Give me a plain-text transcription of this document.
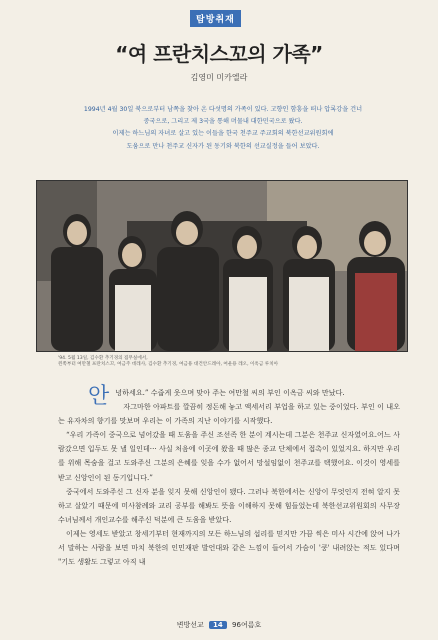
탐방취재
“여 프란치스꼬의 가족”
김영미 미카엘라

1994년 4월 30일 북으로부터 남쪽을 찾아 온 다섯명의 가족이 있다. 고향인 함흥을 떠나 압록강을 건너

중국으로, 그리고 제 3국을 통해 머물내 대한민국으로 왔다.

이제는 하느님의 자녀로 살고 있는 이들을 한국 천주교 주교회의 북한선교위원회에

도움으로 만나 천주교 신자가 된 동기와 북한의 선교실정을 들어 보았다.

'94. 5월 13일, 김수환 추기경의 집무실에서,
왼쪽부터 여만철 프란치스꼬, 여금주 데레사, 김수환 추기경, 여금용 대건안드레아, 여운용 레오, 이옥금 루치아

안녕하세요.” 수줍게 웃으며 맞아 주는 여만철 씨의 부인 이옥금 씨와 만났다.

자그마한 아파트를 깔끔히 정돈해 놓고 액세서리 부업을 하고 있는 중이었다. 부인 이 내오는 유자차의 향기를 맛보며 우리는 이 가족의 지난 이야기를 시작했다.

“우리 가족이 중국으로 넘어갔을 때 도움을 주신 조선족 한 분이 계시는데 그분은 천주교 신자였어요.어느 사람갔으면 입두도 못 낼 일인데··· 사실 처음에 이곳에 왔을 때 많은 종교 단체에서 접촉이 있었지요. 하지만 우리를 위해 목숨을 걸고 도와주신 그분의 은혜를 잊을 수가 없어서 망설임없이 천주교를 택했어요. 이것이 영세를 받고 신앙인이 된 동기입니다.”

중국에서 도와주신 그 신자 분을 잊지 못해 신앙인이 됐다. 그러나 북한에서는 신앙이 무엇인지 전혀 알지 못하고 살았기 때문에 미사참례와 교리 공부를 해봐도 뜻을 이해하지 못해 힘들었는데 북한선교위원회의 사무장 수녀님께서 개인교수를 해주신 덕분에 큰 도움을 받았다.

이제는 영세도 받았고 창세기부터 현재까지의 모든 하느님의 섭리를 믿지만 가끔 씩은 미사 시간에 앉여 나가서 말하는 사람을 보면 마치 북한의 인민재판 발언대와 같은 느낌이 들어서 가슴이 '쿵' 내려앉는 적도 있다며 "기도 생활도 그렇고 아직 내

변방선교 14 96여름호
